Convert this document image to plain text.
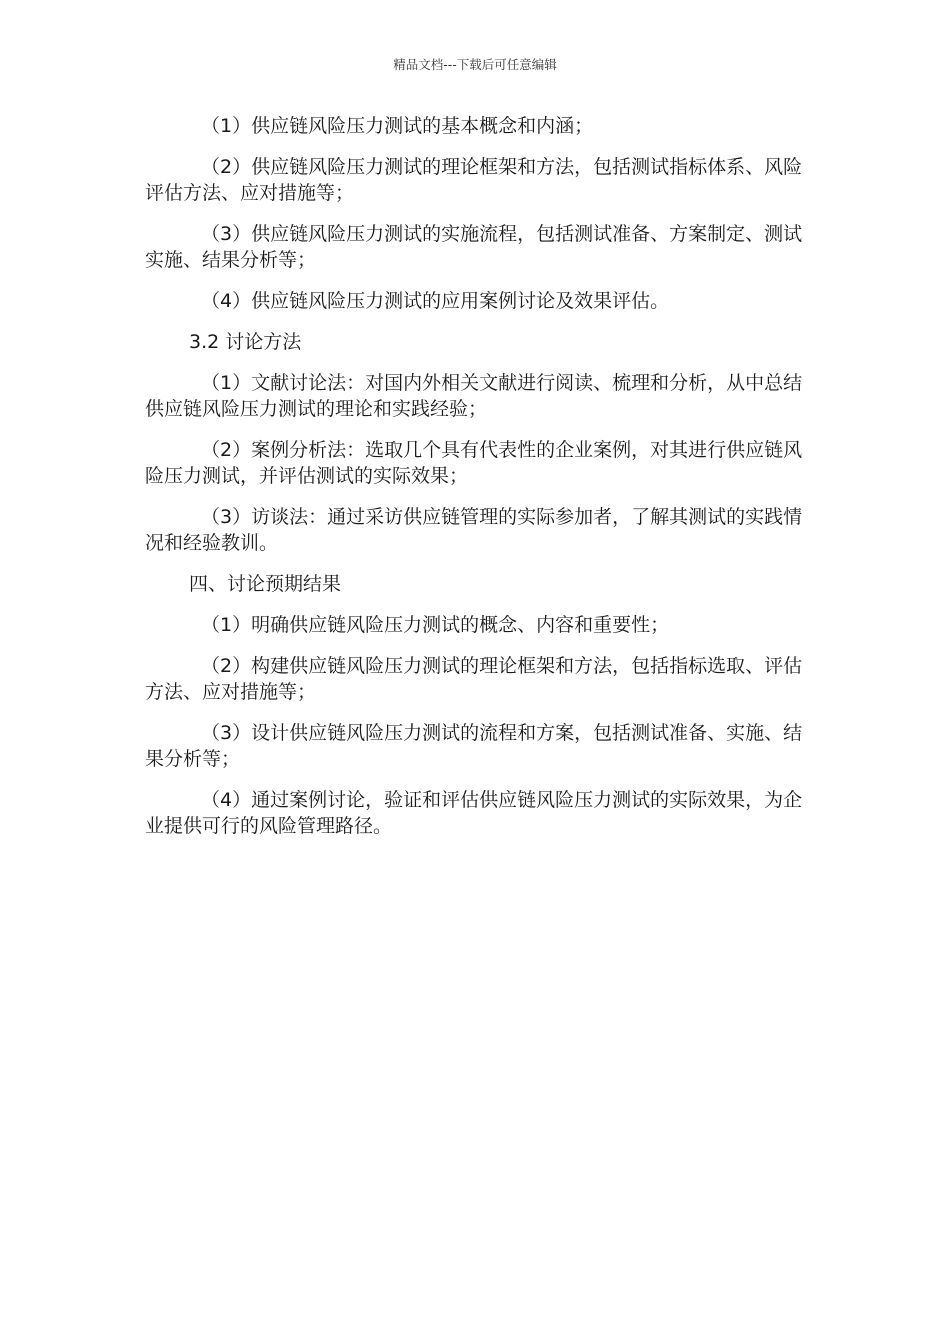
精品文档---下载后可任意编辑

（1）供应链风险压力测试的基本概念和内涵；

（2）供应链风险压力测试的理论框架和方法，包括测试指标体系、风险评估方法、应对措施等；

（3）供应链风险压力测试的实施流程，包括测试准备、方案制定、测试实施、结果分析等；

（4）供应链风险压力测试的应用案例讨论及效果评估。

3.2 讨论方法

（1）文献讨论法：对国内外相关文献进行阅读、梳理和分析，从中总结供应链风险压力测试的理论和实践经验；

（2）案例分析法：选取几个具有代表性的企业案例，对其进行供应链风险压力测试，并评估测试的实际效果；

（3）访谈法：通过采访供应链管理的实际参加者，了解其测试的实践情况和经验教训。

四、讨论预期结果

（1）明确供应链风险压力测试的概念、内容和重要性；

（2）构建供应链风险压力测试的理论框架和方法，包括指标选取、评估方法、应对措施等；

（3）设计供应链风险压力测试的流程和方案，包括测试准备、实施、结果分析等；

（4）通过案例讨论，验证和评估供应链风险压力测试的实际效果，为企业提供可行的风险管理路径。
